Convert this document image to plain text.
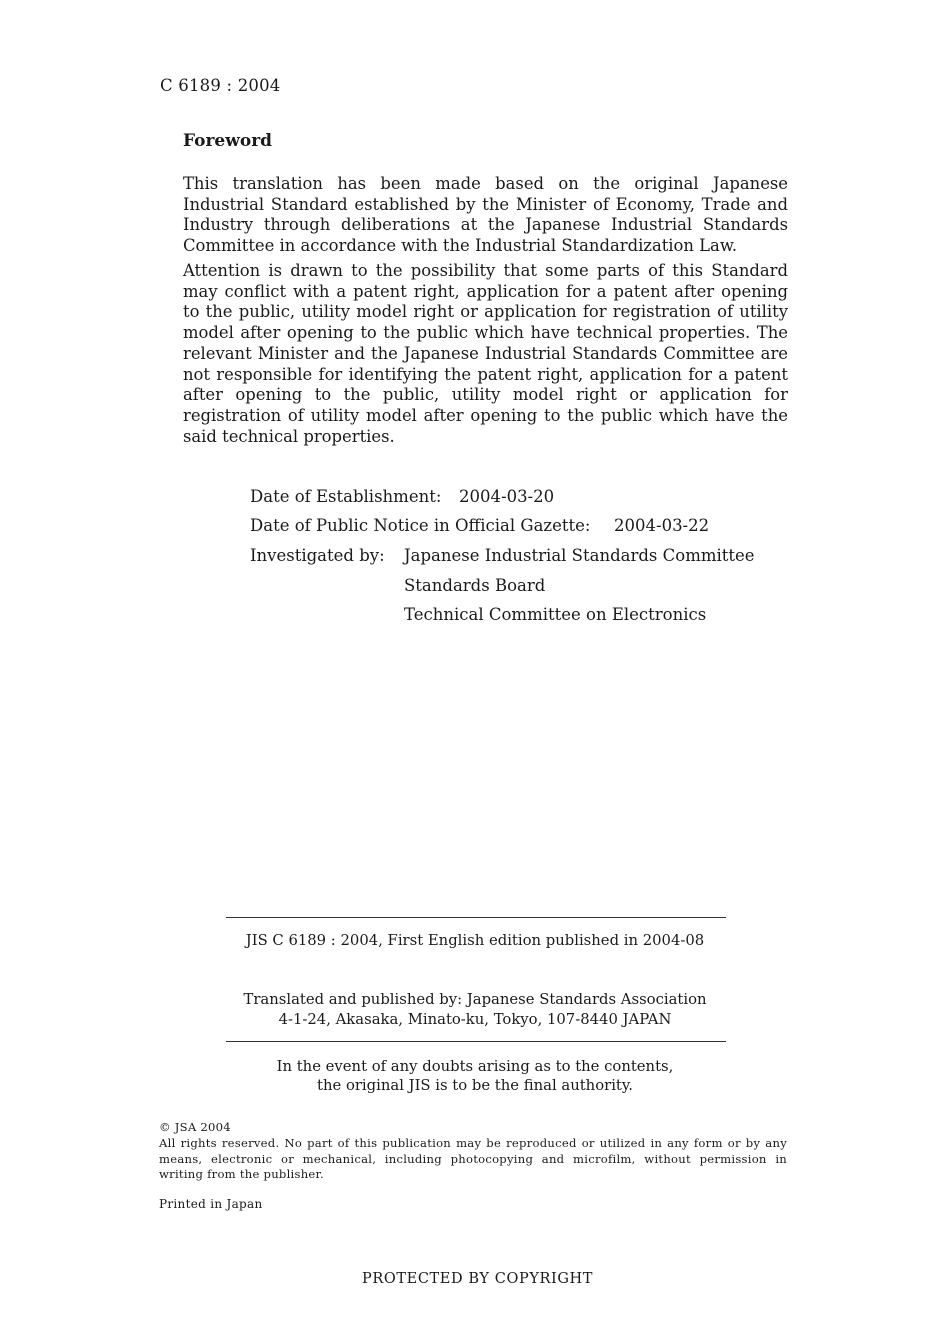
C 6189 : 2004
Foreword

This translation has been made based on the original Japanese Industrial Standard established by the Minister of Economy, Trade and Industry through deliberations at the Japanese Industrial Standards Committee in accordance with the Industrial Standardization Law.

Attention is drawn to the possibility that some parts of this Standard may conflict with a patent right, application for a patent after opening to the public, utility model right or application for registration of utility model after opening to the public which have technical properties. The relevant Minister and the Japanese Industrial Standards Committee are not responsible for identifying the patent right, application for a patent after opening to the public, utility model right or application for registration of utility model after opening to the public which have the said technical properties.

Date of Establishment: 2004-03-20
Date of Public Notice in Official Gazette: 2004-03-22
Investigated by: Japanese Industrial Standards Committee
Standards Board
Technical Committee on Electronics
JIS C 6189 : 2004, First English edition published in 2004-08
Translated and published by: Japanese Standards Association
4-1-24, Akasaka, Minato-ku, Tokyo, 107-8440 JAPAN
In the event of any doubts arising as to the contents,
the original JIS is to be the final authority.
© JSA 2004

All rights reserved. No part of this publication may be reproduced or utilized in any form or by any means, electronic or mechanical, including photocopying and microfilm, without permission in writing from the publisher.

Printed in Japan
PROTECTED BY COPYRIGHT
